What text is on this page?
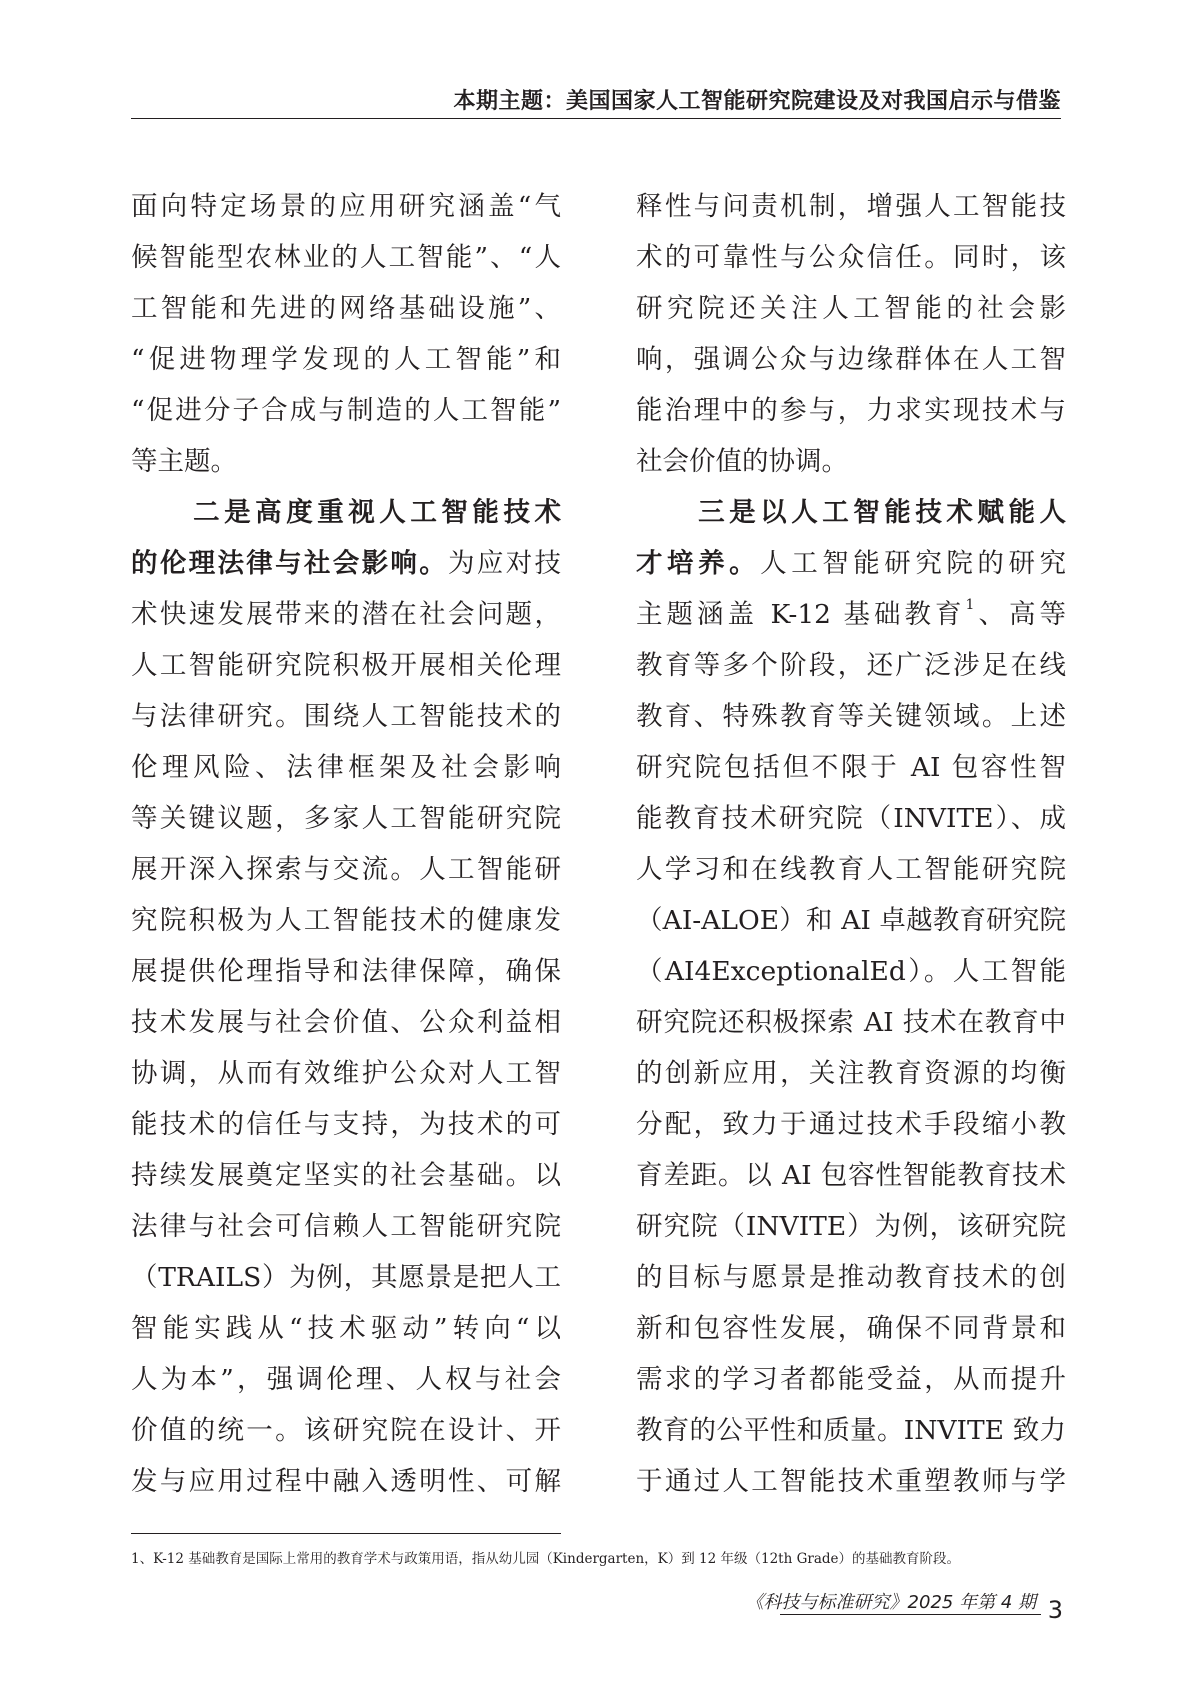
本期主题：美国国家人工智能研究院建设及对我国启示与借鉴
面向特定场景的应用研究涵盖“气
候智能型农林业的人工智能”、“人
工智能和先进的网络基础设施”、
“促进物理学发现的人工智能”和
“促进分子合成与制造的人工智能”
等主题。
　　二是高度重视人工智能技术
的伦理法律与社会影响。为应对技
术快速发展带来的潜在社会问题，
人工智能研究院积极开展相关伦理
与法律研究。围绕人工智能技术的
伦理风险、法律框架及社会影响
等关键议题，多家人工智能研究院
展开深入探索与交流。人工智能研
究院积极为人工智能技术的健康发
展提供伦理指导和法律保障，确保
技术发展与社会价值、公众利益相
协调，从而有效维护公众对人工智
能技术的信任与支持，为技术的可
持续发展奠定坚实的社会基础。以
法律与社会可信赖人工智能研究院
（TRAILS）为例，其愿景是把人工
智能实践从“技术驱动”转向“以
人为本”，强调伦理、人权与社会
价值的统一。该研究院在设计、开
发与应用过程中融入透明性、可解
释性与问责机制，增强人工智能技
术的可靠性与公众信任。同时，该
研究院还关注人工智能的社会影
响，强调公众与边缘群体在人工智
能治理中的参与，力求实现技术与
社会价值的协调。
　　三是以人工智能技术赋能人
才培养。人工智能研究院的研究
主题涵盖 K-12 基础教育$^1$、高等
教育等多个阶段，还广泛涉足在线
教育、特殊教育等关键领域。上述
研究院包括但不限于 AI 包容性智
能教育技术研究院（INVITE）、成
人学习和在线教育人工智能研究院
（AI-ALOE）和 AI 卓越教育研究院
（AI4ExceptionalEd）。人工智能
研究院还积极探索 AI 技术在教育中
的创新应用，关注教育资源的均衡
分配，致力于通过技术手段缩小教
育差距。以 AI 包容性智能教育技术
研究院（INVITE）为例，该研究院
的目标与愿景是推动教育技术的创
新和包容性发展，确保不同背景和
需求的学习者都能受益，从而提升
教育的公平性和质量。INVITE 致力
于通过人工智能技术重塑教师与学
1、K-12 基础教育是国际上常用的教育学术与政策用语，指从幼儿园（Kindergarten，K）到 12 年级（12th Grade）的基础教育阶段。
《科技与标准研究》2025 年第 4 期 3
